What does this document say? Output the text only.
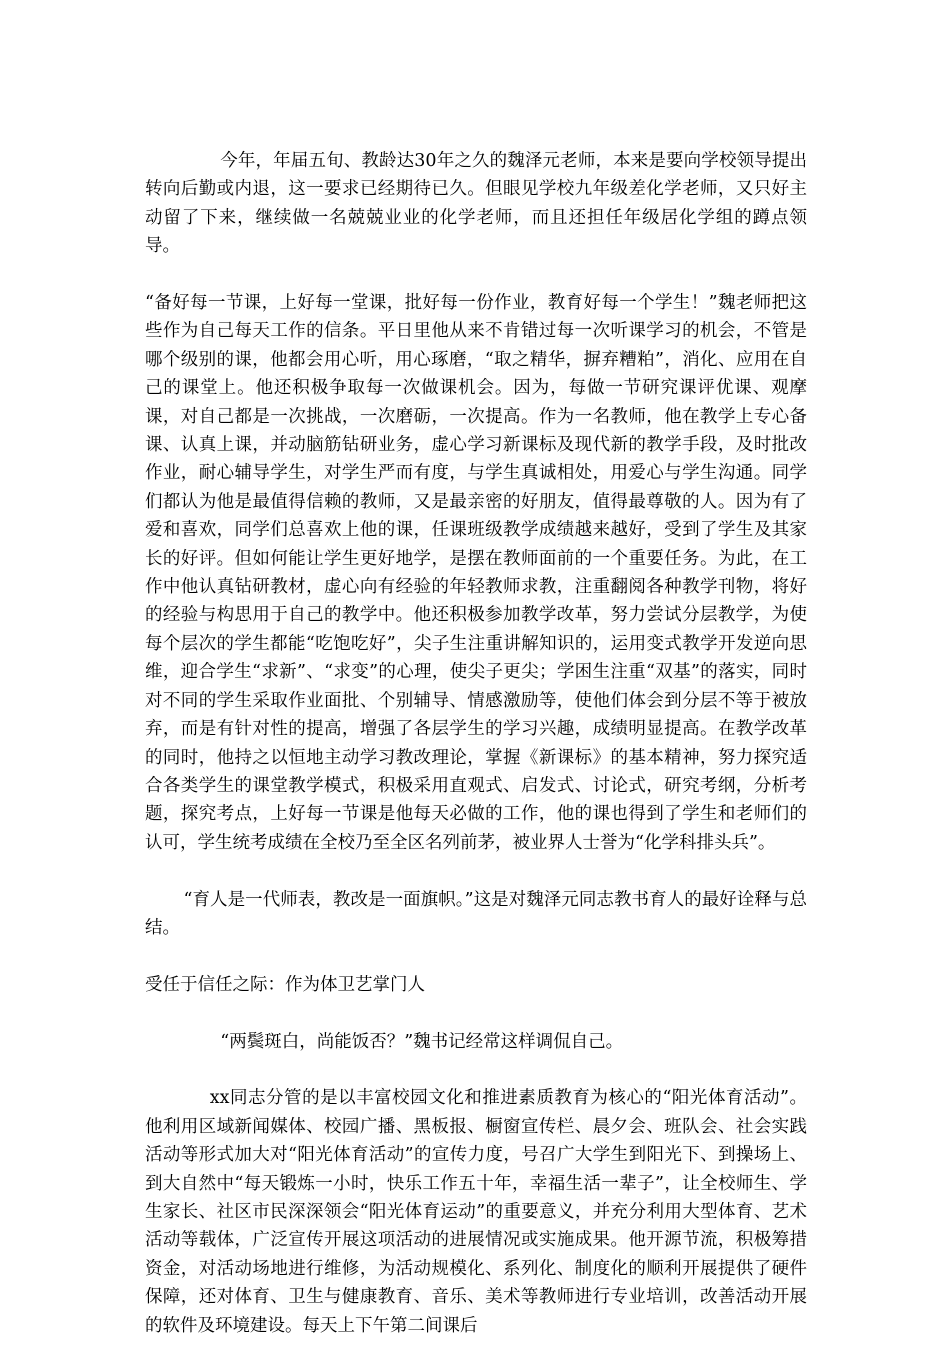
今年，年届五旬、教龄达30年之久的魏泽元老师，本来是要向学校领导提出转向后勤或内退，这一要求已经期待已久。但眼见学校九年级差化学老师，又只好主动留了下来，继续做一名兢兢业业的化学老师，而且还担任年级居化学组的蹲点领导。

“备好每一节课，上好每一堂课，批好每一份作业，教育好每一个学生！”魏老师把这些作为自己每天工作的信条。平日里他从来不肯错过每一次听课学习的机会，不管是哪个级别的课，他都会用心听，用心琢磨，“取之精华，摒弃糟粕”，消化、应用在自己的课堂上。他还积极争取每一次做课机会。因为，每做一节研究课评优课、观摩课，对自己都是一次挑战，一次磨砺，一次提高。作为一名教师，他在教学上专心备课、认真上课，并动脑筋钻研业务，虚心学习新课标及现代新的教学手段，及时批改作业，耐心辅导学生，对学生严而有度，与学生真诚相处，用爱心与学生沟通。同学们都认为他是最值得信赖的教师，又是最亲密的好朋友，值得最尊敬的人。因为有了爱和喜欢，同学们总喜欢上他的课，任课班级教学成绩越来越好，受到了学生及其家长的好评。但如何能让学生更好地学，是摆在教师面前的一个重要任务。为此，在工作中他认真钻研教材，虚心向有经验的年轻教师求教，注重翻阅各种教学刊物，将好的经验与构思用于自己的教学中。他还积极参加教学改革，努力尝试分层教学，为使每个层次的学生都能“吃饱吃好”，尖子生注重讲解知识的，运用变式教学开发逆向思维，迎合学生“求新”、“求变”的心理，使尖子更尖；学困生注重“双基”的落实，同时对不同的学生采取作业面批、个别辅导、情感激励等，使他们体会到分层不等于被放弃，而是有针对性的提高，增强了各层学生的学习兴趣，成绩明显提高。在教学改革的同时，他持之以恒地主动学习教改理论，掌握《新课标》的基本精神，努力探究适合各类学生的课堂教学模式，积极采用直观式、启发式、讨论式，研究考纲，分析考题，探究考点，上好每一节课是他每天必做的工作，他的课也得到了学生和老师们的认可，学生统考成绩在全校乃至全区名列前茅，被业界人士誉为“化学科排头兵”。

“育人是一代师表，教改是一面旗帜。”这是对魏泽元同志教书育人的最好诠释与总结。

受任于信任之际：作为体卫艺掌门人

“两鬓斑白，尚能饭否？”魏书记经常这样调侃自己。

xx同志分管的是以丰富校园文化和推进素质教育为核心的“阳光体育活动”。他利用区域新闻媒体、校园广播、黑板报、橱窗宣传栏、晨夕会、班队会、社会实践活动等形式加大对“阳光体育活动”的宣传力度，号召广大学生到阳光下、到操场上、到大自然中“每天锻炼一小时，快乐工作五十年，幸福生活一辈子”，让全校师生、学生家长、社区市民深深领会“阳光体育运动”的重要意义，并充分利用大型体育、艺术活动等载体，广泛宣传开展这项活动的进展情况或实施成果。他开源节流，积极筹措资金，对活动场地进行维修，为活动规模化、系列化、制度化的顺利开展提供了硬件保障，还对体育、卫生与健康教育、音乐、美术等教师进行专业培训，改善活动开展的软件及环境建设。每天上下午第二间课后
